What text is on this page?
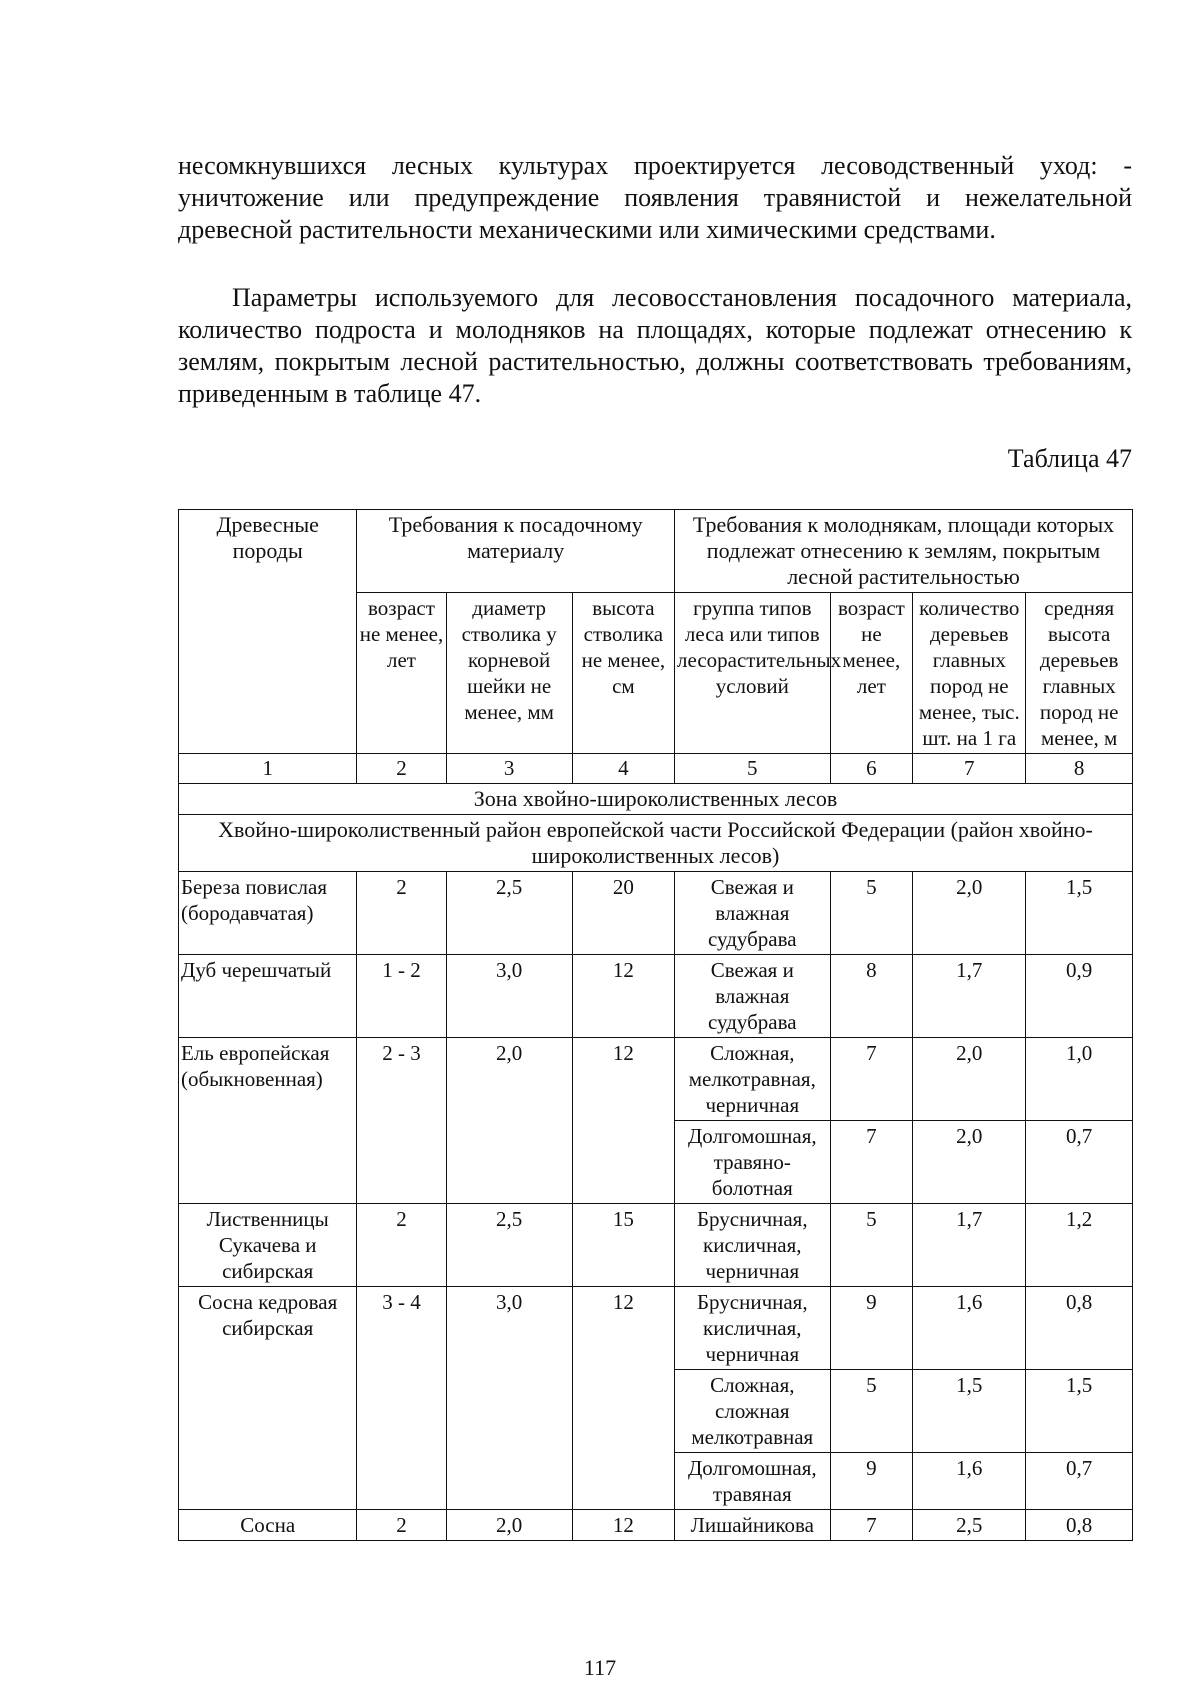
несомкнувшихся лесных культурах проектируется лесоводственный уход: - уничтожение или предупреждение появления травянистой и нежелательной древесной растительности механическими или химическими средствами.

Параметры используемого для лесовосстановления посадочного материала, количество подроста и молодняков на площадях, которые подлежат отнесению к землям, покрытым лесной растительностью, должны соответствовать требованиям, приведенным в таблице 47.

Таблица 47

Древесные породы	Требования к посадочному материалу			Требования к молоднякам, площади которых подлежат отнесению к землям, покрытым лесной растительностью			
	возраст не менее, лет	диаметр стволика у корневой шейки не менее, мм	высота стволика не менее, см	группа типов леса или типов лесорастительных условий	возраст не менее, лет	количество деревьев главных пород не менее, тыс. шт. на 1 га	средняя высота деревьев главных пород не менее, м
1	2	3	4	5	6	7	8
Зона хвойно-широколиственных лесов							
Хвойно-широколиственный район европейской части Российской Федерации (район хвойно-широколиственных лесов)							
Береза повислая (бородавчатая)	2	2,5	20	Свежая и влажная судубрава	5	2,0	1,5
Дуб черешчатый	1 - 2	3,0	12	Свежая и влажная судубрава	8	1,7	0,9
Ель европейская (обыкновенная)	2 - 3	2,0	12	Сложная, мелкотравная, черничная	7	2,0	1,0
				Долгомошная, травяно-болотная	7	2,0	0,7
Лиственницы Сукачева и сибирская	2	2,5	15	Брусничная, кисличная, черничная	5	1,7	1,2
Сосна кедровая сибирская	3 - 4	3,0	12	Брусничная, кисличная, черничная	9	1,6	0,8
				Сложная, сложная мелкотравная	5	1,5	1,5
				Долгомошная, травяная	9	1,6	0,7
Сосна	2	2,0	12	Лишайникова	7	2,5	0,8

117
